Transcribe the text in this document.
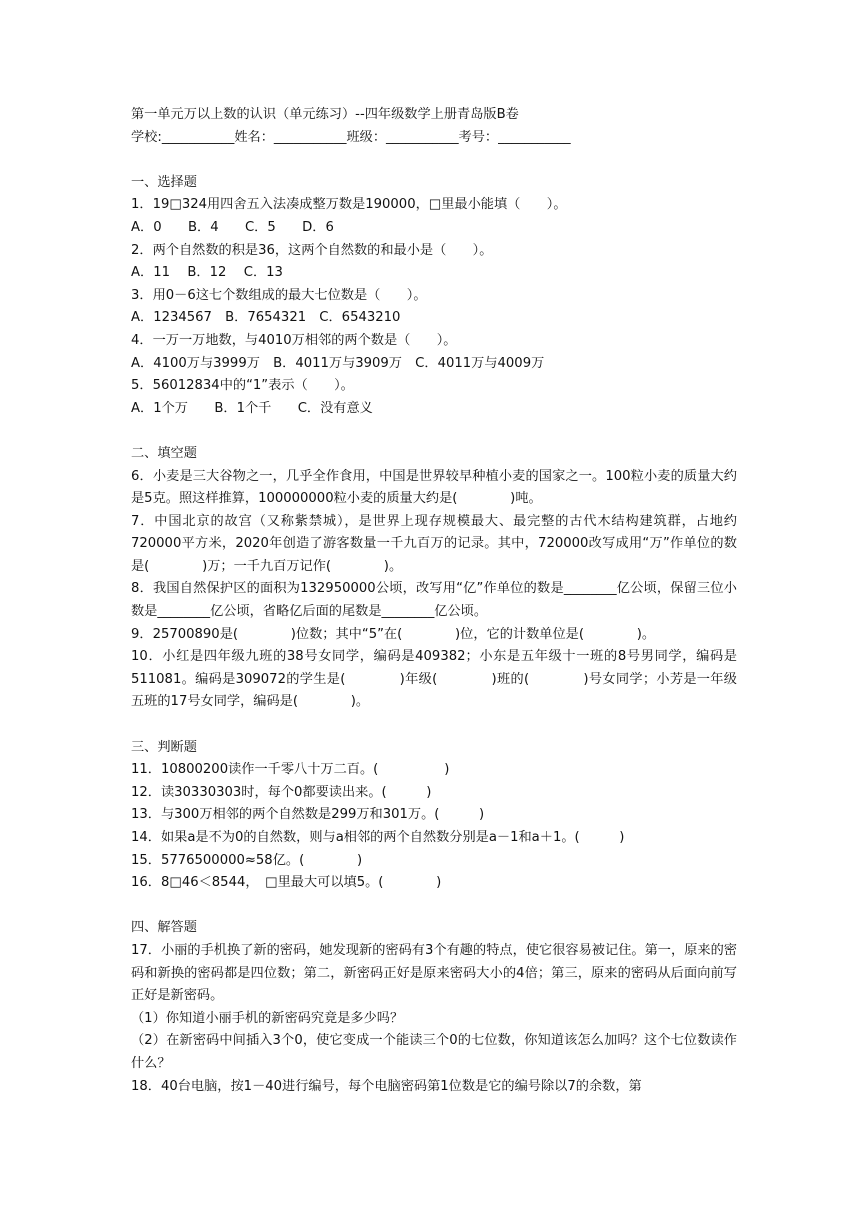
第一单元万以上数的认识（单元练习）--四年级数学上册青岛版B卷
学校:___________姓名：___________班级：___________考号：___________
一、选择题
1．19□324用四舍五入法凑成整万数是190000，□里最小能填（　　）。
A．0　　B．4　　C．5　　D．6
2．两个自然数的积是36，这两个自然数的和最小是（　　）。
A．11　 B．12　 C．13
3．用0－6这七个数组成的最大七位数是（　　）。
A．1234567　B．7654321　C．6543210
4．一万一万地数，与4010万相邻的两个数是（　　）。
A．4100万与3999万　B．4011万与3909万　C．4011万与4009万
5．56012834中的“1”表示（　　）。
A．1个万　　B．1个千　　C．没有意义
二、填空题
6．小麦是三大谷物之一，几乎全作食用，中国是世界较早种植小麦的国家之一。100粒小麦的质量大约是5克。照这样推算，100000000粒小麦的质量大约是(　　　　)吨。
7．中国北京的故宫（又称紫禁城），是世界上现存规模最大、最完整的古代木结构建筑群，占地约720000平方米，2020年创造了游客数量一千九百万的记录。其中，720000改写成用“万”作单位的数是(　　　　)万；一千九百万记作(　　　　)。
8．我国自然保护区的面积为132950000公顷，改写用“亿”作单位的数是________亿公顷，保留三位小数是________亿公顷，省略亿后面的尾数是________亿公顷。
9．25700890是(　　　　)位数；其中“5”在(　　　　)位，它的计数单位是(　　　　)。
10．小红是四年级九班的38号女同学，编码是409382；小东是五年级十一班的8号男同学，编码是511081。编码是309072的学生是(　　　　)年级(　　　　)班的(　　　　)号女同学；小芳是一年级五班的17号女同学，编码是(　　　　)。
三、判断题
11．10800200读作一千零八十万二百。(　　　　　)
12．读30330303时，每个0都要读出来。(　　　)
13．与300万相邻的两个自然数是299万和301万。(　　　)
14．如果a是不为0的自然数，则与a相邻的两个自然数分别是a－1和a＋1。(　　　)
15．5776500000≈58亿。(　　　　)
16．8□46＜8544，　□里最大可以填5。(　　　　)
四、解答题
17．小丽的手机换了新的密码，她发现新的密码有3个有趣的特点，使它很容易被记住。第一，原来的密码和新换的密码都是四位数；第二，新密码正好是原来密码大小的4倍；第三，原来的密码从后面向前写正好是新密码。
（1）你知道小丽手机的新密码究竟是多少吗？
（2）在新密码中间插入3个0，使它变成一个能读三个0的七位数，你知道该怎么加吗？这个七位数读作什么？
18．40台电脑，按1－40进行编号，每个电脑密码第1位数是它的编号除以7的余数，第
